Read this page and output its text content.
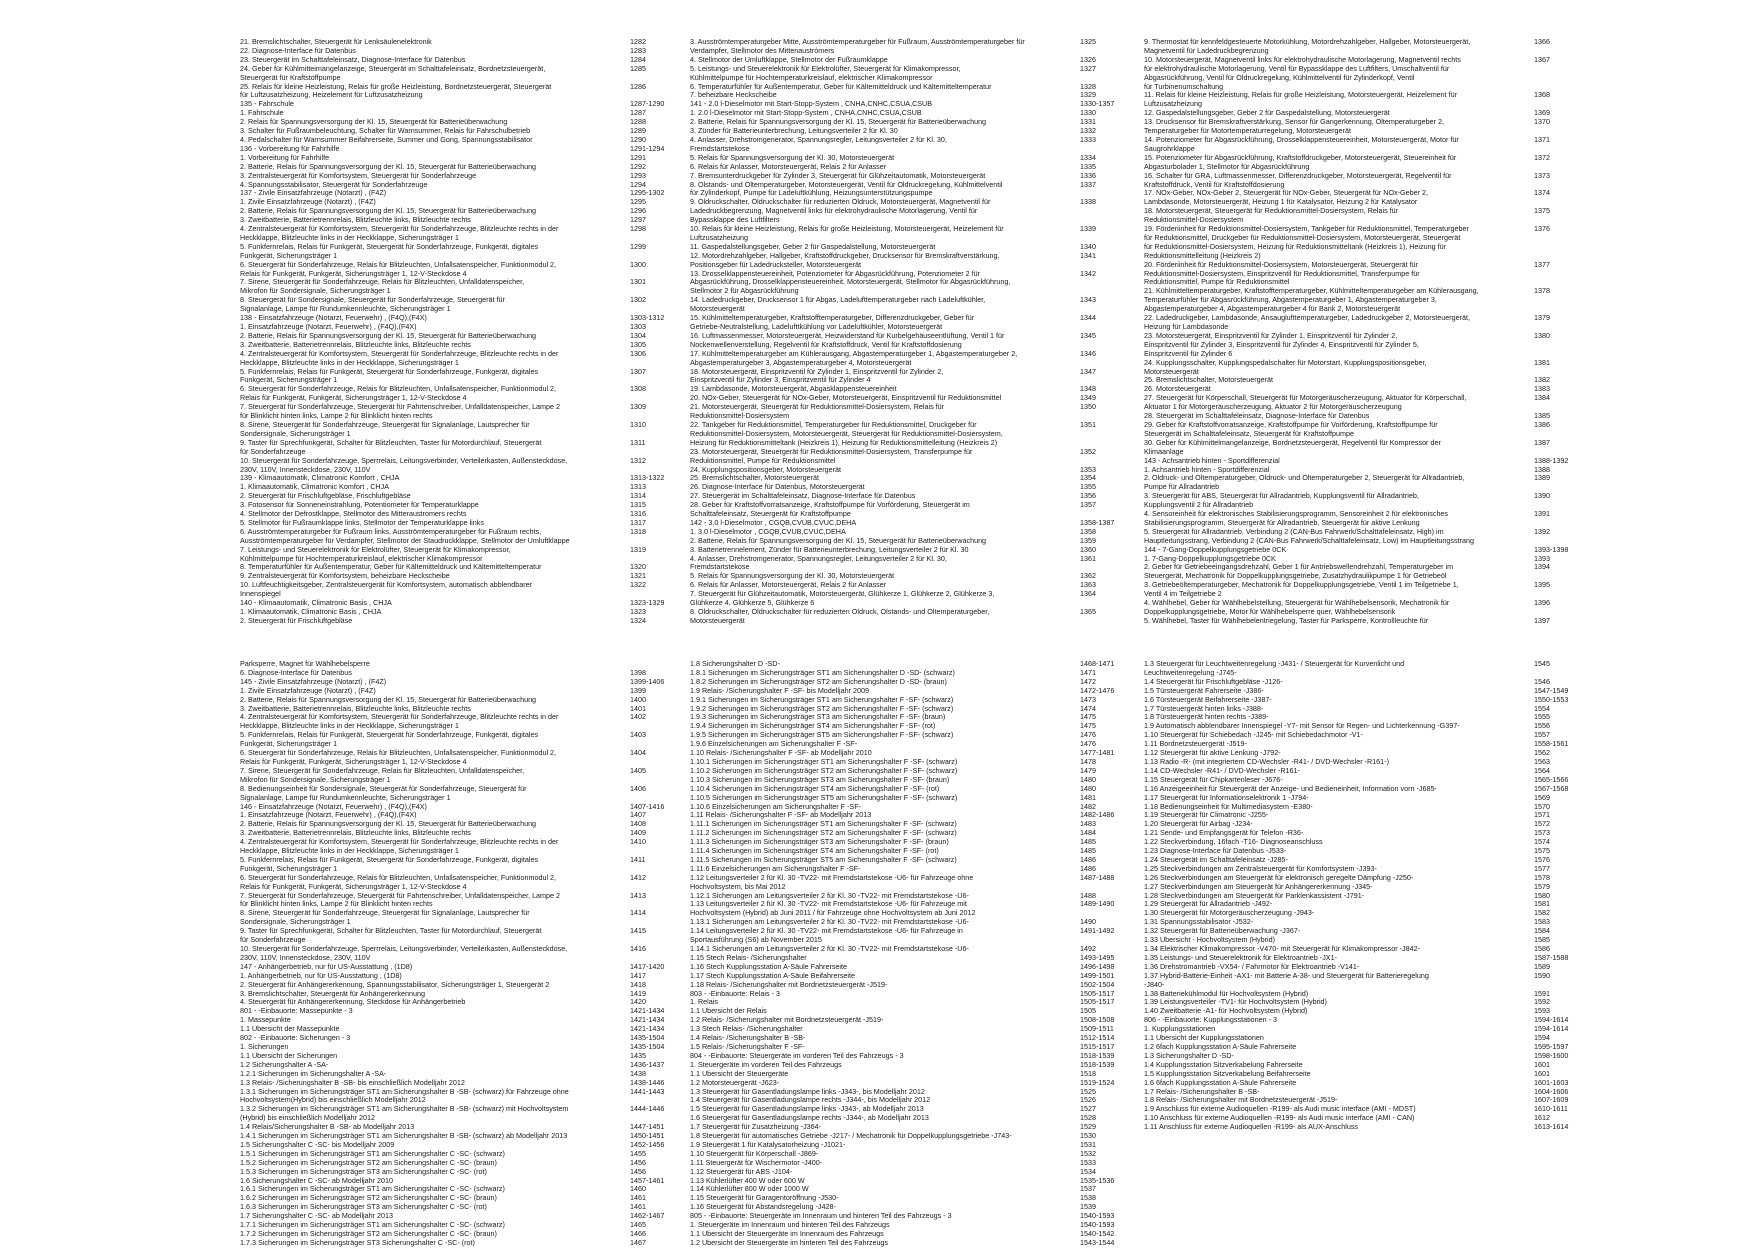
21. Bremslichtschalter, Steuergerät für Lenksäulenelektronik	1282
22. Diagnose-Interface für Datenbus	1283
23. Steuergerät im Schalttafeleinsatz, Diagnose-Interface für Datenbus	1284
24. Geber für Kühlmitteimangelanzeige, Steuergerät im Schalttafeleinsatz, Bordnetzsteuergerät,	1285
Steuergerät für Kraftstoffpumpe
25. Relais für kleine Heizleistung, Relais für große Heizleistung, Bordnetzsteuergerät, Steuergerät	1286
für Luftzusatzheizung, Heizelement für Luftzusatzheizung
135 - Fahrschule	1287-1290
1. Fahrschule	1287
2. Relais für Spannungsversorgung der Kl. 15, Steuergerät für Batterieüberwachung	1288
3. Schalter für Fußraumbeleuchtung, Schalter für Warnsummer, Relais für Fahrschulbetrieb	1289
4. Pedalschalter für Warnsummer Beifahrerseite, Summer und Gong, Spannungsstabilisator	1290
136 - Vorbereitung für Fahrhilfe	1291-1294
1. Vorbereitung für Fahrhilfe	1291
2. Batterie, Relais für Spannungsversorgung der Kl. 15, Steuergerät für Batterieüberwachung	1292
3. Zentralsteuergerät für Komfortsystem, Steuergerät für Sonderfahrzeuge	1293
4. Spannungsstabilisator, Steuergerät für Sonderfahrzeuge	1294
137 - Zivile Einsatzfahrzeuge (Notarzt) , (F4Z)	1295-1302
1. Zivile Einsatzfahrzeuge (Notarzt) , (F4Z)	1295
2. Batterie, Relais für Spannungsversorgung der Kl. 15, Steuergerät für Batterieüberwachung	1296
3. Zweitbatterie, Batterietrennrelais, Blitzleuchte links, Blitzleuchte rechts	1297
4. Zentralsteuergerät für Komfortsystem, Steuergerät für Sonderfahrzeuge, Blitzleuchte rechts in der	1298
Heckklappe, Blitzleuchte links in der Heckklappe, Sicherungsträger 1
5. Funkfernrelais, Relais für Funkgerät, Steuergerät für Sonderfahrzeuge, Funkgerät, digitales	1299
Funkgerät, Sicherungsträger 1
6. Steuergerät für Sonderfahrzeuge, Relais für Blitzleuchten, Unfallsatenspeicher, Funktionmodul 2,	1300
Relais für Funkgerät, Funkgerät, Sicherungsträger 1, 12-V-Steckdose 4
7. Sirene, Steuergerät für Sonderfahrzeuge, Relais für Blitzleuchten, Unfalldatenspeicher,	1301
Mikrofon für Sondersignale, Sicherungsträger 1
8. Steuergerät für Sondersignale, Steuergerät für Sonderfahrzeuge, Steuergerät für	1302
Signalanlage, Lampe für Rundumkennleuchte, Sicherungsträger 1
138 - Einsatzfahrzeuge (Notarzt, Feuerwehr) , (F4Q),(F4X)	1303-1312
1. Einsatzfahrzeuge (Notarzt, Feuerwehr) , (F4Q),(F4X)	1303
2. Batterie, Relais für Spannungsversorgung der Kl. 15, Steuergerät für Batterieüberwachung	1304
3. Zweitbatterie, Batterietrennrelais, Blitzleuchte links, Blitzleuchte rechts	1305
4. Zentralsteuergerät für Komfortsystem, Steuergerät für Sonderfahrzeuge, Blitzleuchte rechts in der	1306
Heckklappe, Blitzleuchte links in der Heckklappe, Sicherungsträger 1
5. Funkfernrelais, Relais für Funkgerät, Steuergerät für Sonderfahrzeuge, Funkgerät, digitales	1307
Funkgerät, Sicherungsträger 1
6. Steuergerät für Sonderfahrzeuge, Relais für Blitzleuchten, Unfallsatenspeicher, Funktionmodul 2,	1308
Relais für Funkgerät, Funkgerät, Sicherungsträger 1, 12-V-Steckdose 4
7. Steuergerät für Sonderfahrzeuge, Steuergerät für Fahrtenschreiber, Unfalldatenspeicher, Lampe 2	1309
für Blinklicht hinten links, Lampe 2 für Blinklicht hinten rechts
8. Sirene, Steuergerät für Sonderfahrzeuge, Steuergerät für Signalanlage, Lautsprecher für	1310
Sondersignale, Sicherungsträger 1
9. Taster für Sprechfunkgerät, Schalter für Blitzleuchten, Taster für Motordurchlauf, Steuergerät	1311
für Sonderfahrzeuge
10. Steuergerät für Sonderfahrzeuge, Sperrrelais, Leitungsverbinder, Verteilerkasten, Außensteckdose,	1312
230V, 110V, Innensteckdose, 230V, 110V
139 - Klimaautomatik, Climatronic Komfort , CHJA	1313-1322
1. Klimaautomatik, Climatronic Komfort , CHJA	1313
2. Steuergerät für Frischluftgebläse, Frischluftgebläse	1314
3. Fotosensor für Sonneneinstrahlung, Potentiometer für Temperaturklappe	1315
4. Stellmotor der Defrostklappe, Stellmotor des Mitteraustromers rechts	1316
5. Stellmotor für Fußraumklappe links, Stellmotor der Temperaturklappe links	1317
6. Ausströmtemperaturgeber für Fußraum links, Ausströmtemperaturgeber für Fußraum rechts,	1318
Ausströmtemperaturgeber für Verdampfer, Stellmotor der Staudruckklappe, Stellmotor der Umluftklappe
7. Leistungs- und Steuerelektronik für Elektrolüfter, Steuergerät für Klimakompressor,	1319
Kühlmittelpumpe für Hochtemperaturkreislauf, elektrischer Klimakompressor
8. Temperaturfühler für Außentemperatur, Geber für Kältemitteldruck und Kältemitteltemperatur	1320
9. Zentralsteuergerät für Komfortsystem, beheizbare Heckscheibe	1321
10. Luftfeuchtigkeitsgeber, Zentralsteuergerät für Komfortsystem, automatisch abblendbarer	1322
Innenspiegel
140 - Klimaautomatik, Climatronic Basis , CHJA	1323-1329
1. Klimaautomatik, Climatronic Basis , CHJA	1323
2. Steuergerät für Frischluftgebläse	1324
3. Ausströmtemperaturgeber Mitte, Ausströmtemperaturgeber für Fußraum, Ausströmtemperaturgeber für	1325
Verdampfer, Stellmotor des Mittenaustrómers
4. Stellmotor der Umluftklappe, Stellmotor der Fußraumklappe	1326
5. Leistungs- und Steuerelektronik für Elektrolüfter, Steuergerät für Klimakompressor,	1327
Kühlmittelpumpe für Hochtemperaturkreislauf, elektrischer Klimakompressor
6. Temperaturfühler für Außentemperatur, Geber für Kältemitteldruck und Kältemitteltemperatur	1328
7. beheizbare Heckscheibe	1329
141 - 2.0 l-Dieselmotor mit Start-Stopp-System , CNHA,CNHC,CSUA,CSUB	1330-1357
1. 2.0 l-Dieselmotor mit Start-Stopp-System , CNHA,CNHC,CSUA,CSUB	1330
2. Batterie, Relais für Spannungsversorgung der Kl. 15, Steuergerät für Batterieüberwachung	1331
3. Zünder für Batterieunterbrechung, Leitungsverteiler 2 für Kl. 30	1332
4. Anlasser, Drehstromgenerator, Spannungsregler, Leitungsverteiler 2 für Kl. 30,	1333
Fremdstartstekose
5. Relais für Spannungsversorgung der Kl. 30, Motorsteuergerät	1334
6. Relais für Anlasser, Motorsteuergerät, Relais 2 für Anlasser	1335
7. Bremsunterdruckgeber für Zylinder 3, Steuergerät für Glühzeitautomatik, Motorsteuergerät	1336
8. Ölstands- und Öltemperaturgeber, Motorsteuergerät, Ventil für Öldruckregelung, Kühlmittelventil	1337
für Zylinderkopf, Pumpe für Ladeluftkühlung, Heizungsunterstützungspumpe
9. Öldruckschalter, Öldruckschalter für reduzierten Öldruck, Motorsteuergerät, Magnetventil für	1338
Ladedruckbegrenzung, Magnetventil links für elektrohydraulische Motorlagerung, Ventil für
Bypassklappe des Luftfilters
10. Relais für kleine Heizleistung, Relais für große Heizleistung, Motorsteuergerät, Heizelement für	1339
Luftzusatzheizung
11. Gaspedalstellungsgeber, Geber 2 für Gaspedalstellung, Motorsteuergerät	1340
12. Motordrehzahlgeber, Hallgeber, Kraftstoffdruckgeber, Drucksensor für Bremskraftverstärkung,	1341
Positionsgeber für Ladedrucksteller, Motorsteuergerät
13. Drosselklappensteuereinheit, Potenziometer für Abgasrückführung, Potenziometer 2 für	1342
Abgasrückführung, Drosselklappensteuereinheit, Motorsteuergerät, Stellmotor für Abgasrückführung,
Stellmotor 2 für Abgasrückführung
14. Ladedruckgeber, Drucksensor 1 für Abgas, Ladelufttemperaturgeber nach Ladeluftkühler,	1343
Motorsteuergerät
15. Kühlmitteltemperaturgeber, Kraftstofftemperaturgeber, Differenzdruckgeber, Geber für	1344
Getriebe-Neutralstellung, Ladelufttkühlung vor Ladeluftkühler, Motorsteuergerät
16. Luftmassenmesser, Motorsteuergerät, Heizwiderstand für Kurbelgehäuseentlüftung, Ventil 1 für	1345
Nockenwellenverstellung, Regelventil für Kraftstoffdruck, Ventil für Kraftstoffdosierung
17. Kühlmitteltemperaturgeber am Kühlerausgang, Abgastemperaturgeber 1, Abgastemperaturgeber 2,	1346
Abgastemperaturgeber 3, Abgastemperaturgeber 4, Motorsteuergerät
18. Motorsteuergerät, Einspritzventil für Zylinder 1, Einspritzventil für Zylinder 2,	1347
Einspritzventil für Zylinder 3, Einspritzventil für Zylinder 4
19. Lambdasonde, Motorsteuergerät, Abgasklappensteuereinheit	1348
20. NOx-Geber, Steuergerät für NOx-Geber, Motorsteuergerät, Einspritzventil für Reduktionsmittel	1349
21. Motorsteuergerät, Steuergerät für Reduktionsmittel-Dosiersystem, Relais für	1350
Reduktionsmittel-Dosiersystem
22. Tankgeber für Reduktionsmittel, Temperaturgeber für Reduktionsmittel, Druckgeber für	1351
Reduktionsmittel-Dosiersystem, Motorsteuergerät, Steuergerät für Reduktionsmittel-Dosiersystem,
Heizung für Reduktionsmitteltank (Heizkreis 1), Heizung für Reduktionsmittelleitung (Heizkreis 2)
23. Motorsteuergerät, Steuergerät für Reduktionsmittel-Dosiersystem, Transferpumpe für	1352
Reduktionsmittel, Pumpe für Reduktionsmittel
24. Kupplungspositionsgeber, Motorsteuergerät	1353
25. Bremslichtschalter, Motorsteuergerät	1354
26. Diagnose-Interface für Datenbus, Motorsteuergerät	1355
27. Steuergerät im Schalttafeleinsatz, Diagnose-Interface für Datenbus	1356
28. Geber für Kraftstoffvorratsanzeige, Kraftstoffpumpe für Vorförderung, Steuergerät im	1357
Schalttafeleinsatz, Steuergerät für Kraftstoffpumpe
142 - 3.0 l-Dieselmotor , CGQB,CVUB,CVUC,DEHA	1358-1387
1. 3.0 l-Dieselmotor , CGQB,CVUB,CVUC,DEHA	1358
2. Batterie, Relais für Spannungsversorgung der Kl. 15, Steuergerät für Batterieüberwachung	1359
3. Batterietrennelement, Zünder für Batterieunterbrechung, Leitungsverteiler 2 für Kl. 30	1360
4. Anlasser, Drehstromgenerator, Spannungsregler, Leitungsverteiler 2 für Kl. 30,	1361
Fremdstartstekose
5. Relais für Spannungsversorgung der Kl. 30, Motorsteuergerät	1362
6. Relais für Anlasser, Motorsteuergerät, Relais 2 für Anlasser	1363
7. Steuergerät für Glühzeitautomatik, Motorsteuergerät, Glühkerze 1, Glühkerze 2, Glühkerze 3,	1364
Glühkerze 4, Glühkerze 5, Glühkerze 6
8. Öldruckschalter, Öldruckschalter für reduzierten Öldruck, Ölstands- und Öltemperaturgeber,	1365
Motorsteuergerät
9. Thermostat für kennfeldgesteuerte Motorkühlung, Motordrehzahlgeber, Hallgeber, Motorsteuergerät,	1366
Magnetventil für Ladedruckbegrenzung
10. Motorsteuergerät, Magnetventil links für elektrohydraulische Motorlagerung, Magnetventil rechts	1367
für elektrohydraulische Motorlagerung, Ventil für Bypassklappe des Luftfilters, Umschaltventil für
Abgasrückführung, Ventil für Öldruckregelung, Kühlmittelventil für Zylinderkopf, Ventil
für Turbinenumschaltung
11. Relais für kleine Heizleistung, Relais für große Heizleistung, Motorsteuergerät, Heizelement für	1368
Luftzusatzheizung
12. Gaspedalstellungsgeber, Geber 2 für Gaspedalstellung, Motorsteuergerät	1369
13. Drucksensor für Bremskraftverstärkung, Sensor für Gangerkennung, Öltemperaturgeber 2,	1370
Temperaturgeber für Motortemperaturregelung, Motorsteuergerät
14. Potenziometer für Abgasrückführung, Drosselklappensteuereinheit, Motorsteuergerät, Motor für	1371
Saugrohrklappe
15. Potenziometer für Abgasrückführung, Kraftstoffdruckgeber, Motorsteuergerät, Steuereinheit für	1372
Abgasturbolader 1, Stellmotor für Abgasrückführung
16. Schalter für GRA, Luftmassenmesser, Differenzdruckgeber, Motorsteuergerät, Regelventil für	1373
Kraftstoffdruck, Ventil für Kraftstoffdosierung
17. NOx-Geber, NOx-Geber 2, Steuergerät für NOx-Geber, Steuergerät für NOx-Geber 2,	1374
Lambdasonde, Motorsteuergerät, Heizung 1 für Katalysator, Heizung 2 für Katalysator
18. Motorsteuergerät, Steuergerät für Reduktionsmittel-Dosiersystem, Relais für	1375
Reduktionsmittel-Dosiersystem
19. Förderiinheit für Reduktionsmittel-Dosiersystem, Tankgeber für Reduktionsmittel, Temperaturgeber	1376
für Reduktionsmittel, Druckgeber für Reduktionsmittel-Dosiersystem, Motorsteuergerät, Steuergerät
für Reduktionsmittel-Dosiersystem, Heizung für Reduktionsmitteltank (Heizkreis 1), Heizung für
Reduktionsmittelleitung (Heizkreis 2)
20. Förderiinheit für Reduktionsmittel-Dosiersystem, Motorsteuergerät, Steuergerät für	1377
Reduktionsmittel-Dosiersystem, Einspritzventil für Reduktionsmittel, Transferpumpe für
Reduktionsmittel, Pumpe für Reduktionsmittel
21. Kühlmitteltemperaturgeber, Kraftstofftemperaturgeber, Kühlmitteltemperaturgeber am Kühlerausgang,	1378
Temperaturfühler für Abgasrückführung, Abgastemperaturgeber 1, Abgastemperaturgeber 3,
Abgastemperaturgeber 4, Abgastemperaturgeber 4 für Bank 2, Motorsteuergerät
22. Ladedruckgeber, Lambdasonde, Ansauglufttemperaturgeber, Ladedruckgeber 2, Motorsteuergerät,	1379
Heizung für Lambdasonde
23. Motorsteuergerät, Einspritzventil für Zylinder 1, Einspritzventil für Zylinder 2,	1380
Einspritzventil für Zylinder 3, Einspritzventil für Zylinder 4, Einspritzventil für Zylinder 5,
Einspritzventil für Zylinder 6
24. Kupplungsschalter, Kupplungspedalschalter für Motorstart, Kupplungspositionsgeber,	1381
Motorsteuergerät
25. Bremslichtschalter, Motorsteuergerät	1382
26. Motorsteuergerät	1383
27. Steuergerät für Körperschall, Steuergerät für Motorgeräuscherzeugung, Aktuator für Körperschall,	1384
Aktuator 1 für Motorgeräuscherzeugung, Aktuator 2 für Motorgeräuscherzeugung
28. Steuergerät im Schalttafeleinsatz, Diagnose-Interface für Datenbus	1385
29. Geber für Kraftstoffvorratsanzeige, Kraftstoffpumpe für Vorförderung, Kraftstoffpumpe für	1386
Steuergerät im Schalttafeleinsatz, Steuergerät für Kraftstoffpumpe
30. Geber für Kühlmittelmangelanzeige, Bordnetzsteuergerät, Regelventil für Kompressor der	1387
Klimaanlage
143 - Achsantrieb hinten - Sportdifferenzial	1388-1392
1. Achsantrieb hinten - Sportdifferenzial	1388
2. Öldruck- und Öltemperaturgeber, Öldruck- und Öltemperaturgeber 2, Steuergerät für Allradantrieb,	1389
Pumpe für Allradantrieb
3. Steuergerät für ABS, Steuergerät für Allradantrieb, Kupplungsventil für Allradantrieb,	1390
Kupplungsventil 2 für Allradantrieb
4. Sensoreinheit für elektronisches Stabilisierungsprogramm, Sensoreinheit 2 für elektronisches	1391
Stabilisierungsprogramm, Steuergerät für Allradantrieb, Steuergerät für aktive Lenkung
5. Steuergerät für Allradantrieb, Verbindung 2 (CAN-Bus Fahrwerk/Schalttafeleinsatz, High) im	1392
Hauptleitungsstrang, Verbindung 2 (CAN-Bus Fahrwerk/Schalttafeleinsatz, Low) im Hauptleitungsstrang
144 - 7-Gang-Doppelkupplungsgetriebe 0CK	1393-1398
1. 7-Gang-Doppelkupplungsgetriebe 0CK	1393
2. Geber für Getriebeeingangsdrehzahl, Geber 1 für Antriebswellendrehzahl, Temperaturgeber im	1394
Steuergerät, Mechatronik für Doppelkupplungsgetriebe, Zusatzhydraulikpumpe 1 für Getriebeöl
3. Getriebeöltemperaturgeber, Mechatronik für Doppelkupplungsgetriebe, Ventil 1 im Teilgetriebe 1,	1395
Ventil 4 im Teilgetriebe 2
4. Wählhebel, Geber für Wählhebelstellung, Steuergerät für Wählhebelsensorik, Mechatronik für	1396
Doppelkupplungsgetriebe, Motor für Wählhebelsperre quer, Wählhebelsensorik
5. Wählhebel, Taster für Wählhebelentriegelung, Taster für Parksperre, Kontrollleuchte für	1397
Parksperre, Magnet für Wählhebelsperre
6. Diagnose-Interface für Datenbus	1398
145 - Zivile Einsatzfahrzeuge (Notarzt) , (F4Z)	1399-1406
1. Zivile Einsatzfahrzeuge (Notarzt) , (F4Z)	1399
2. Batterie, Relais für Spannungsversorgung der Kl. 15, Steuergerät für Batterieüberwachung	1400
3. Zweitbatterie, Batterietrennrelais, Blitzleuchte links, Blitzleuchte rechts	1401
4. Zentralsteuergerät für Komfortsystem, Steuergerät für Sonderfahrzeuge, Blitzleuchte rechts in der	1402
Heckklappe, Blitzleuchte links in der Heckklappe, Sicherungsträger 1
5. Funkfernrelais, Relais für Funkgerät, Steuergerät für Sonderfahrzeuge, Funkgerät, digitales	1403
Funkgerät, Sicherungsträger 1
6. Steuergerät für Sonderfahrzeuge, Relais für Blitzleuchten, Unfallsatenspeicher, Funktionmodul 2,	1404
Relais für Funkgerät, Funkgerät, Sicherungsträger 1, 12-V-Steckdose 4
7. Sirene, Steuergerät für Sonderfahrzeuge, Relais für Blitzleuchten, Unfalldatenspeicher,	1405
Mikrofon für Sondersignale, Sicherungsträger 1
8. Bedienungseinheit für Sondersignale, Steuergerät für Sonderfahrzeuge, Steuergerät für	1406
Signalanlage, Lampe für Rundumkennleuchte, Sicherungsträger 1
146 - Einsatzfahrzeuge (Notarzt, Feuerwehr) , (F4Q),(F4X)	1407-1416
1. Einsatzfahrzeuge (Notarzt, Feuerwehr) , (F4Q),(F4X)	1407
2. Batterie, Relais für Spannungsversorgung der Kl. 15, Steuergerät für Batterieüberwachung	1408
3. Zweitbatterie, Batterietrennrelais, Blitzleuchte links, Blitzleuchte rechts	1409
4. Zentralsteuergerät für Komfortsystem, Steuergerät für Sonderfahrzeuge, Blitzleuchte rechts in der	1410
Heckklappe, Blitzleuchte links in der Heckklappe, Sicherungsträger 1
5. Funkfernrelais, Relais für Funkgerät, Steuergerät für Sonderfahrzeuge, Funkgerät, digitales	1411
Funkgerät, Sicherungsträger 1
6. Steuergerät für Sonderfahrzeuge, Relais für Blitzleuchten, Unfallsatenspeicher, Funktionmodul 2,	1412
Relais für Funkgerät, Funkgerät, Sicherungsträger 1, 12-V-Steckdose 4
7. Steuergerät für Sonderfahrzeuge, Steuergerät für Fahrtenschreiber, Unfalldatenspeicher, Lampe 2	1413
für Blinklicht hinten links, Lampe 2 für Blinklicht hinten rechts
8. Sirene, Steuergerät für Sonderfahrzeuge, Steuergerät für Signalanlage, Lautsprecher für	1414
Sondersignale, Sicherungsträger 1
9. Taster für Sprechfunkgerät, Schalter für Blitzleuchten, Taster für Motordurchlauf, Steuergerät	1415
für Sonderfahrzeuge
10. Steuergerät für Sonderfahrzeuge, Sperrrelais, Leitungsverbinder, Verteilerkasten, Außensteckdose,	1416
230V, 110V, Innensteckdose, 230V, 110V
147 - Anhängerbetrieb, nur für US-Ausstattung , (1D8)	1417-1420
1. Anhängerbetrieb, nur für US-Ausstattung , (1D8)	1417
2. Steuergerät für Anhängererkennung, Spannungsstabilisator, Sicherungsträger 1, Steuergerät 2	1418
3. Bremslichtschalter, Steuergerät für Anhängererkennung	1419
4. Steuergerät für Anhängererkennung, Steckdose für Anhängerbetrieb	1420
801 - -Einbauorte: Massepunkte - 3	1421-1434
1. Massepunkte	1421-1434
1.1 Übersicht der Massepunkte	1421-1434
802 - -Einbauorte: Sicherungen - 3	1435-1504
1. Sicherungen	1435-1504
1.1 Übersicht der Sicherungen	1435
1.2 Sicherungshalter A -SA-	1436-1437
1.2.1 Sicherungen im Sicherungshalter A -SA-	1438
1.3 Relais- /Sicherungshalter B -SB- bis einschließlich Modelljahr 2012	1438-1446
1.3.1 Sicherungen im Sicherungsträger ST1 am Sicherungshalter B -SB- (schwarz) für Fahrzeuge ohne	1441-1443
Hochvoltsystem(Hybrid) bis einschließlich Modelljahr 2012
1.3.2 Sicherungen im Sicherungsträger ST1 am Sicherungshalter B -SB- (schwarz) mit Hochvoltsystem	1444-1446
(Hybrid) bis einschließlich Modelljahr 2012
1.4 Relais/Sicherungshalter B -SB- ab Modelljahr 2013	1447-1451
1.4.1 Sicherungen im Sicherungsträger ST1 am Sicherungshalter B -SB- (schwarz) ab Modelljahr 2013	1450-1451
1.5 Sicherungshalter C -SC- bis Modelljahr 2009	1452-1456
1.5.1 Sicherungen im Sicherungsträger ST1 am Sicherungshalter C -SC- (schwarz)	1455
1.5.2 Sicherungen im Sicherungsträger ST2 am Sicherungshalter C -SC- (braun)	1456
1.5.3 Sicherungen im Sicherungsträger ST3 am Sicherungshalter C -SC- (rot)	1456
1.6 Sicherungshalter C -SC- ab Modelljahr 2010	1457-1461
1.6.1 Sicherungen im Sicherungsträger ST1 am Sicherungshalter C -SC- (schwarz)	1460
1.6.2 Sicherungen im Sicherungsträger ST2 am Sicherungshalter C -SC- (braun)	1461
1.6.3 Sicherungen im Sicherungsträger ST3 am Sicherungshalter C -SC- (rot)	1461
1.7 Sicherungshalter C -SC- ab Modelljahr 2013	1462-1467
1.7.1 Sicherungen im Sicherungsträger ST1 am Sicherungshalter C -SC- (schwarz)	1465
1.7.2 Sicherungen im Sicherungsträger ST2 am Sicherungshalter C -SC- (braun)	1466
1.7.3 Sicherungen im Sicherungsträger ST3 Sicherungshalter C -SC- (rot)	1467
1.8 Sicherungshalter D -SD-	1468-1471
1.8.1 Sicherungen im Sicherungsträger ST1 am Sicherungshalter D -SD- (schwarz)	1471
1.8.2 Sicherungen im Sicherungsträger ST2 am Sicherungshalter D -SD- (braun)	1472
1.9 Relais- /Sicherungshalter F -SF- bis Modelljahr 2009	1472-1476
1.9.1 Sicherungen im Sicherungsträger ST1 am Sicherungshalter F -SF- (schwarz)	1473
1.9.2 Sicherungen im Sicherungsträger ST2 am Sicherungshalter F -SF- (schwarz)	1474
1.9.3 Sicherungen im Sicherungsträger ST3 am Sicherungshalter F -SF- (braun)	1475
1.9.4 Sicherungen im Sicherungsträger ST4 am Sicherungshalter F -SF- (rot)	1475
1.9.5 Sicherungen im Sicherungsträger ST5 am Sicherungshalter F -SF- (schwarz)	1476
1.9.6 Einzelsicherungen am Sicherungshalter F -SF-	1476
1.10 Relais- /Sicherungshalter F -SF- ab Modelljahr 2010	1477-1481
1.10.1 Sicherungen im Sicherungsträger ST1 am Sicherungshalter F -SF- (schwarz)	1478
1.10.2 Sicherungen im Sicherungsträger ST2 am Sicherungshalter F -SF- (schwarz)	1479
1.10.3 Sicherungen im Sicherungsträger ST3 am Sicherungshalter F -SF- (braun)	1480
1.10.4 Sicherungen im Sicherungsträger ST4 am Sicherungshalter F -SF- (rot)	1480
1.10.5 Sicherungen im Sicherungsträger ST5 am Sicherungshalter F -SF- (schwarz)	1481
1.10.6 Einzelsicherungen am Sicherungshalter F -SF-	1482
1.11 Relais- /Sicherungshalter F -SF- ab Modelljahr 2013	1482-1486
1.11.1 Sicherungen im Sicherungsträger ST1 am Sicherungshalter F -SF- (schwarz)	1483
1.11.2 Sicherungen im Sicherungsträger ST2 am Sicherungshalter F -SF- (schwarz)	1484
1.11.3 Sicherungen im Sicherungsträger ST3 am Sicherungshalter F -SF- (braun)	1485
1.11.4 Sicherungen im Sicherungsträger ST4 am Sicherungshalter F -SF- (rot)	1485
1.11.5 Sicherungen im Sicherungsträger ST5 am Sicherungshalter F -SF- (schwarz)	1486
1.11.6 Einzelsicherungen am Sicherungshalter F -SF-	1486
1.12 Leitungsverteiler 2 für Kl. 30 -TV22- mit Fremdstartstekose -U6- für Fahrzeuge ohne	1487-1488
Hochvoltsystem, bis Mai 2012
1.12.1 Sicherungen am Leitungsverteiler 2 für Kl. 30 -TV22- mit Fremdstartstekose -U6-	1488
1.13 Leitungsverteiler 2 für Kl. 30 -TV22- mit Fremdstartstekose -U6- für Fahrzeuge mit	1489-1490
Hochvoltsystem (Hybrid) ab Juni 2011 / für Fahrzeuge ohne Hochvoltsystem ab Juni 2012
1.13.1 Sicherungen am Leitungsverteiler 2 für Kl. 30 -TV22- mit Fremdstartstekose -U6-	1490
1.14 Leitungsverteiler 2 für Kl. 30 -TV22- mit Fremdstartstekose -U6- für Fahrzeuge in	1491-1492
Sportausführung (S6) ab November 2015
1.14.1 Sicherungen am Leitungsverteiler 2 für Kl. 30 -TV22- mit Fremdstartstekose -U6-	1492
1.15 Stech Relais- /Sicherungshalter	1493-1495
1.16 Stech Kupplungsstation A-Säule Fahrerseite	1496-1498
1.17 Stech Kupplungsstation A-Säule Beifahrerseite	1499-1501
1.18 Relais- /Sicherungshalter mit Bordnetzsteuergerät -J519-	1502-1504
803 - -Einbauorte: Relais - 3	1505-1517
1. Relais	1505-1517
1.1 Übersicht der Relais	1505
1.2 Relais- /Sicherungshalter mit Bordnetzsteuergerät -J519-	1508-1508
1.3 Stech Relais- /Sicherungshalter	1509-1511
1.4 Relais- /Sicherungshalter B -SB-	1512-1514
1.5 Relais- /Sicherungshalter F -SF-	1515-1517
804 - -Einbauorte: Steuergeräte im vorderen Teil des Fahrzeugs - 3	1518-1539
1. Steuergeräte im vorderen Teil des Fahrzeugs	1518-1539
1.1 Übersicht der Steuergeräte	1518
1.2 Motorsteuergerät -J623-	1519-1524
1.3 Steuergerät für Gasentladungslampe links -J343-, bis Modelljahr 2012	1525
1.4 Steuergerät für Gasentladungslampe rechts -J344-, bis Modelljahr 2012	1526
1.5 Steuergerät für Gasentladungslampe links -J343-, ab Modelljahr 2013	1527
1.6 Steuergerät für Gasentladungslampe rechts -J344-, ab Modelljahr 2013	1528
1.7 Steuergerät für Zusatzheizung -J364-	1529
1.8 Steuergerät für automatisches Getriebe -J217- / Mechatronik für Doppelkupplungsgetriebe -J743-	1530
1.9 Steuergerät 1 für Katalysatorheizung -J1021-	1531
1.10 Steuergerät für Körperschall -J869-	1532
1.11 Steuergerät für Wischermotor -J400-	1533
1.12 Steuergerät für ABS -J104-	1534
1.13 Kühlerlüfter 400 W oder 600 W	1535-1536
1.14 Kühlerlüfter 800 W oder 1000 W	1537
1.15 Steuergerät für Garagentoröffnung -J530-	1538
1.16 Steuergerät für Abstandsregelung -J428-	1539
805 - -Einbauorte: Steuergeräte im Innenraum und hinteren Teil des Fahrzeugs - 3	1540-1593
1. Steuergeräte im Innenraum und hinteren Teil des Fahrzeugs	1540-1593
1.1 Übersicht der Steuergeräte im Innenraum des Fahrzeugs	1540-1542
1.2 Übersicht der Steuergeräte im hinteren Teil des Fahrzeugs	1543-1544
1.3 Steuergerät für Leuchtweitenregelung -J431- / Steuergerät für Kurvenlicht und	1545
Leuchtweitenregelung -J745-
1.4 Steuergerät für Frischluftgebläse -J126-	1546
1.5 Türsteuergerät Fahrerseite -J386-	1547-1549
1.6 Türsteuergerät Beifahrerseite -J387-	1550-1553
1.7 Türsteuergerät hinten links -J388-	1554
1.8 Türsteuergerät hinten rechts -J389-	1555
1.9 Automatisch abblendbarer Innenspiegel -Y7- mit Sensor für Regen- und Lichterkennung -G397-	1556
1.10 Steuergerät für Schiebedach -J245- mit Schiebedachmotor -V1-	1557
1.11 Bordnetzsteuergerät -J519-	1558-1561
1.12 Steuergerät für aktive Lenkung -J792-	1562
1.13 Radio -R- (mit integriertem CD-Wechsler -R41- / DVD-Wechsler -R161-)	1563
1.14 CD-Wechsler -R41- / DVD-Wechsler -R161-	1564
1.15 Steuergerät für Chipkartenleser -J676-	1565-1566
1.16 Anzeigeeinheit für Steuergerät der Anzeige- und Bedieneinheit, Information vorn -J685-	1567-1568
1.17 Steuergerät für Informationselektronik 1 -J794-	1569
1.18 Bedienungseinheit für Multimediasystem -E380-	1570
1.19 Steuergerät für Climatronic -J255-	1571
1.20 Steuergerät für Airbag -J234-	1572
1.21 Sende- und Empfangsgerät für Telefon -R36-	1573
1.22 Steckverbindung, 16fach -T16- Diagnoseanschluss	1574
1.23 Diagnose-Interface für Datenbus -J533-	1575
1.24 Steuergerät im Schalttafeleinsatz -J285-	1576
1.25 Steckverbindungen am Zentralsteuergerät für Komfortsystem -J393-	1577
1.26 Steckverbindungen am Steuergerät für elektronisch geregelte Dämpfung -J250-	1578
1.27 Steckverbindungen am Steuergerät für Anhängererkennung -J345-	1579
1.28 Steckverbindungen am Steuergerät für Parklenkassistent -J791-	1580
1.29 Steuergerät für Allradantrieb -J492-	1581
1.30 Steuergerät für Motorgeräuscherzeugung -J943-	1582
1.31 Spannungsstabilisator -J532-	1583
1.32 Steuergerät für Batterieüberwachung -J367-	1584
1.33 Übersicht - Hochvoltsystem (Hybrid)	1585
1.34 Elektrischer Klimakompressor -V470- mit Steuergerät für Klimakompressor -J842-	1586
1.35 Leistungs- und Steuerelektronik für Elektroantrieb -JX1-	1587-1588
1.36 Drehstromantrieb -VX54- / Fahrmotor für Elektroantrieb -V141-	1589
1.37 Hybrid-Batterie-Einheit -AX1- mit Batterie A-38- und Steuergerät für Batterieregelung	1590
-J840-
1.38 Batteriekühlmodul für Hochvoltsystem (Hybrid)	1591
1.39 Leistungsverteiler -TV1- für Hochvoltsystem (Hybrid)	1592
1.40 Zweitbatterie -A1- für Hochvoltsystem (Hybrid)	1593
806 - -Einbauorte: Kupplungsstationen - 3	1594-1614
1. Kupplungsstationen	1594-1614
1.1 Übersicht der Kupplungsstationen	1594
1.2 6fach Kupplungsstation A-Säule Fahrerseite	1595-1597
1.3 Sicherungshalter D -SD-	1598-1600
1.4 Kupplungsstation Sitzverkabelung Fahrerseite	1601
1.5 Kupplungsstation Sitzverkabelung Beifahrerseite	1601
1.6 6fach Kupplungsstation A-Säule Fahrerseite	1601-1603
1.7 Relais- /Sicherungshalter B -SB-	1604-1606
1.8 Relais- /Sicherungshalter mit Bordnetzsteuergerät -J519-	1607-1609
1.9 Anschluss für externe Audioquellen -R199- als Audi music interface (AMI - MDST)	1610-1611
1.10 Anschluss für externe Audioquellen -R199- als Audi music interface (AMI - CAN)	1612
1.11 Anschluss für externe Audioquellen -R199- als AUX-Anschluss	1613-1614
